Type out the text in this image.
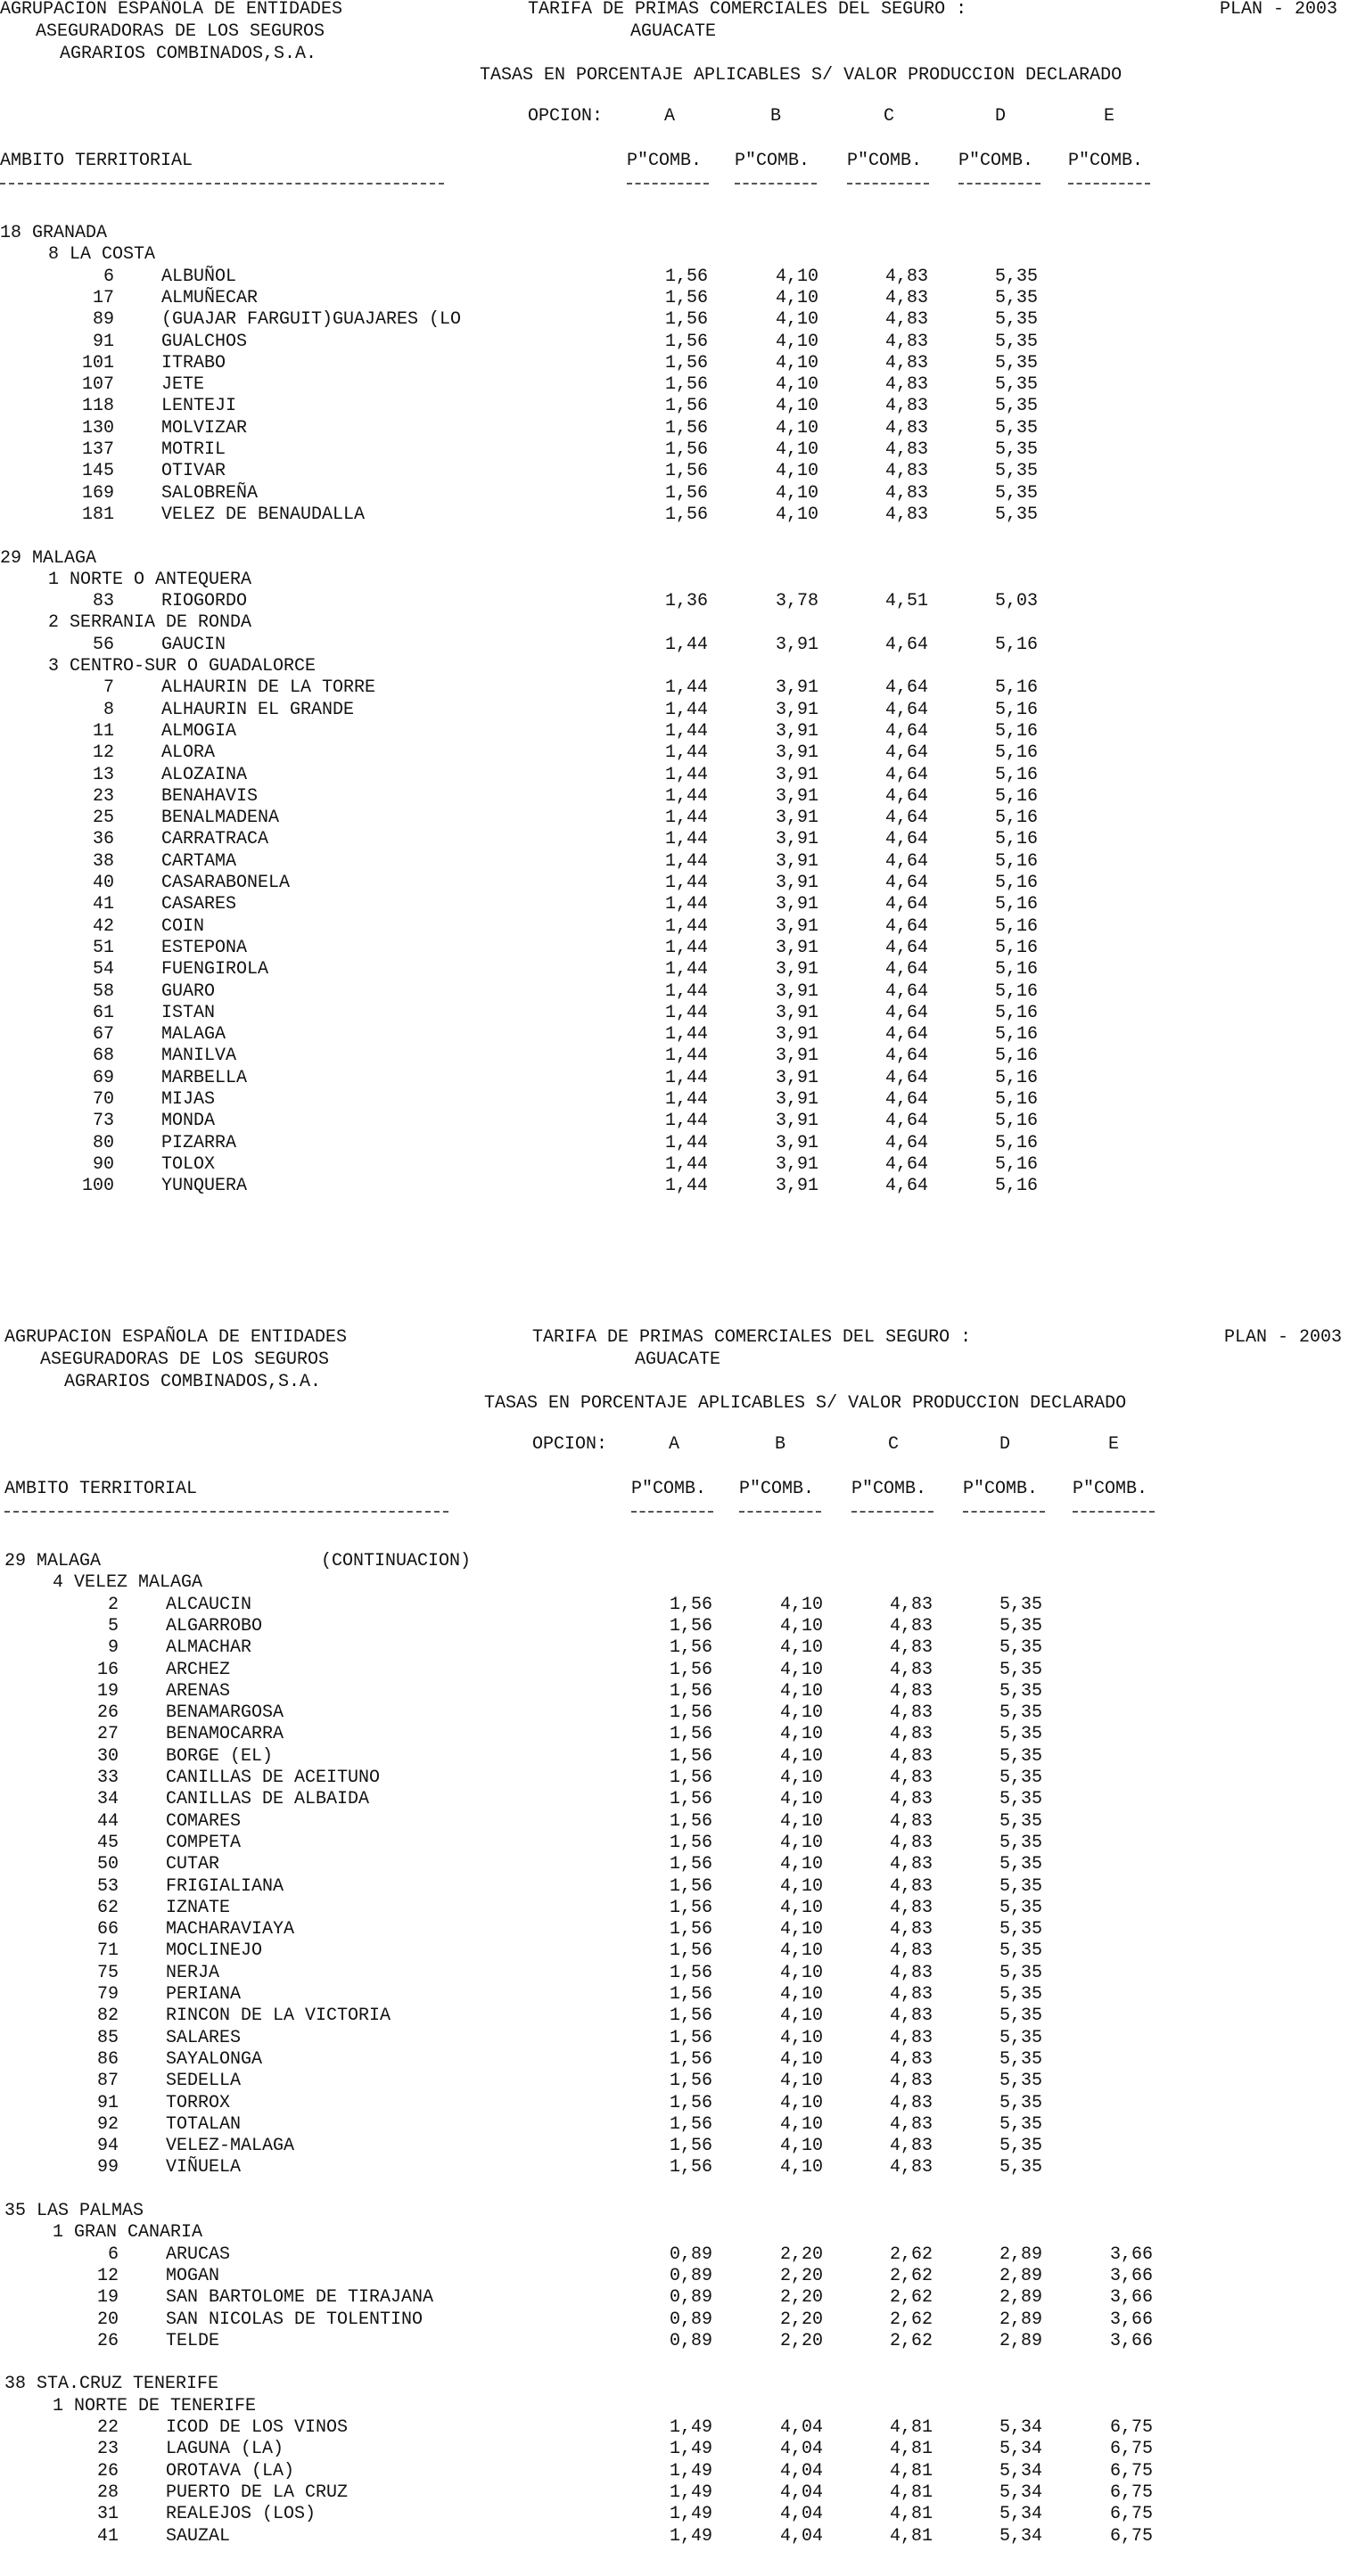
AGRUPACION ESPAÑOLA DE ENTIDADES
ASEGURADORAS DE LOS SEGUROS
AGRARIOS COMBINADOS,S.A.
TARIFA DE PRIMAS COMERCIALES DEL SEGURO :
AGUACATE
PLAN - 2003
TASAS EN PORCENTAJE APLICABLES S/ VALOR PRODUCCION DECLARADO
OPCION:	A	B	C	D	E
AMBITO TERRITORIAL	P"COMB. P"COMB. P"COMB. P"COMB. P"COMB.
18 GRANADA
8 LA COSTA
6	ALBUÑOL	1,56	4,10	4,83	5,35
17	ALMUÑECAR	1,56	4,10	4,83	5,35
89	(GUAJAR FARGUIT)GUAJARES (LO	1,56	4,10	4,83	5,35
91	GUALCHOS	1,56	4,10	4,83	5,35
101	ITRABO	1,56	4,10	4,83	5,35
107	JETE	1,56	4,10	4,83	5,35
118	LENTEJI	1,56	4,10	4,83	5,35
130	MOLVIZAR	1,56	4,10	4,83	5,35
137	MOTRIL	1,56	4,10	4,83	5,35
145	OTIVAR	1,56	4,10	4,83	5,35
169	SALOBREÑA	1,56	4,10	4,83	5,35
181	VELEZ DE BENAUDALLA	1,56	4,10	4,83	5,35
29 MALAGA
1 NORTE O ANTEQUERA
83	RIOGORDO	1,36	3,78	4,51	5,03
2 SERRANIA DE RONDA
56	GAUCIN	1,44	3,91	4,64	5,16
3 CENTRO-SUR O GUADALORCE
7	ALHAURIN DE LA TORRE	1,44	3,91	4,64	5,16
8	ALHAURIN EL GRANDE	1,44	3,91	4,64	5,16
11	ALMOGIA	1,44	3,91	4,64	5,16
12	ALORA	1,44	3,91	4,64	5,16
13	ALOZAINA	1,44	3,91	4,64	5,16
23	BENAHAVIS	1,44	3,91	4,64	5,16
25	BENALMADENA	1,44	3,91	4,64	5,16
36	CARRATRACA	1,44	3,91	4,64	5,16
38	CARTAMA	1,44	3,91	4,64	5,16
40	CASARABONELA	1,44	3,91	4,64	5,16
41	CASARES	1,44	3,91	4,64	5,16
42	COIN	1,44	3,91	4,64	5,16
51	ESTEPONA	1,44	3,91	4,64	5,16
54	FUENGIROLA	1,44	3,91	4,64	5,16
58	GUARO	1,44	3,91	4,64	5,16
61	ISTAN	1,44	3,91	4,64	5,16
67	MALAGA	1,44	3,91	4,64	5,16
68	MANILVA	1,44	3,91	4,64	5,16
69	MARBELLA	1,44	3,91	4,64	5,16
70	MIJAS	1,44	3,91	4,64	5,16
73	MONDA	1,44	3,91	4,64	5,16
80	PIZARRA	1,44	3,91	4,64	5,16
90	TOLOX	1,44	3,91	4,64	5,16
100	YUNQUERA	1,44	3,91	4,64	5,16
AGRUPACION ESPAÑOLA DE ENTIDADES
ASEGURADORAS DE LOS SEGUROS
AGRARIOS COMBINADOS,S.A.
TARIFA DE PRIMAS COMERCIALES DEL SEGURO :
AGUACATE
PLAN - 2003
TASAS EN PORCENTAJE APLICABLES S/ VALOR PRODUCCION DECLARADO
OPCION:	A	B	C	D	E
AMBITO TERRITORIAL	P"COMB. P"COMB. P"COMB. P"COMB. P"COMB.
29 MALAGA	(CONTINUACION)
4 VELEZ MALAGA
2	ALCAUCIN	1,56	4,10	4,83	5,35
5	ALGARROBO	1,56	4,10	4,83	5,35
9	ALMACHAR	1,56	4,10	4,83	5,35
16	ARCHEZ	1,56	4,10	4,83	5,35
19	ARENAS	1,56	4,10	4,83	5,35
26	BENAMARGOSA	1,56	4,10	4,83	5,35
27	BENAMOCARRA	1,56	4,10	4,83	5,35
30	BORGE (EL)	1,56	4,10	4,83	5,35
33	CANILLAS DE ACEITUNO	1,56	4,10	4,83	5,35
34	CANILLAS DE ALBAIDA	1,56	4,10	4,83	5,35
44	COMARES	1,56	4,10	4,83	5,35
45	COMPETA	1,56	4,10	4,83	5,35
50	CUTAR	1,56	4,10	4,83	5,35
53	FRIGIALIANA	1,56	4,10	4,83	5,35
62	IZNATE	1,56	4,10	4,83	5,35
66	MACHARAVIAYA	1,56	4,10	4,83	5,35
71	MOCLINEJO	1,56	4,10	4,83	5,35
75	NERJA	1,56	4,10	4,83	5,35
79	PERIANA	1,56	4,10	4,83	5,35
82	RINCON DE LA VICTORIA	1,56	4,10	4,83	5,35
85	SALARES	1,56	4,10	4,83	5,35
86	SAYALONGA	1,56	4,10	4,83	5,35
87	SEDELLA	1,56	4,10	4,83	5,35
91	TORROX	1,56	4,10	4,83	5,35
92	TOTALAN	1,56	4,10	4,83	5,35
94	VELEZ-MALAGA	1,56	4,10	4,83	5,35
99	VIÑUELA	1,56	4,10	4,83	5,35
35 LAS PALMAS
1 GRAN CANARIA
6	ARUCAS	0,89	2,20	2,62	2,89	3,66
12	MOGAN	0,89	2,20	2,62	2,89	3,66
19	SAN BARTOLOME DE TIRAJANA	0,89	2,20	2,62	2,89	3,66
20	SAN NICOLAS DE TOLENTINO	0,89	2,20	2,62	2,89	3,66
26	TELDE	0,89	2,20	2,62	2,89	3,66
38 STA.CRUZ TENERIFE
1 NORTE DE TENERIFE
22	ICOD DE LOS VINOS	1,49	4,04	4,81	5,34	6,75
23	LAGUNA (LA)	1,49	4,04	4,81	5,34	6,75
26	OROTAVA (LA)	1,49	4,04	4,81	5,34	6,75
28	PUERTO DE LA CRUZ	1,49	4,04	4,81	5,34	6,75
31	REALEJOS (LOS)	1,49	4,04	4,81	5,34	6,75
41	SAUZAL	1,49	4,04	4,81	5,34	6,75
